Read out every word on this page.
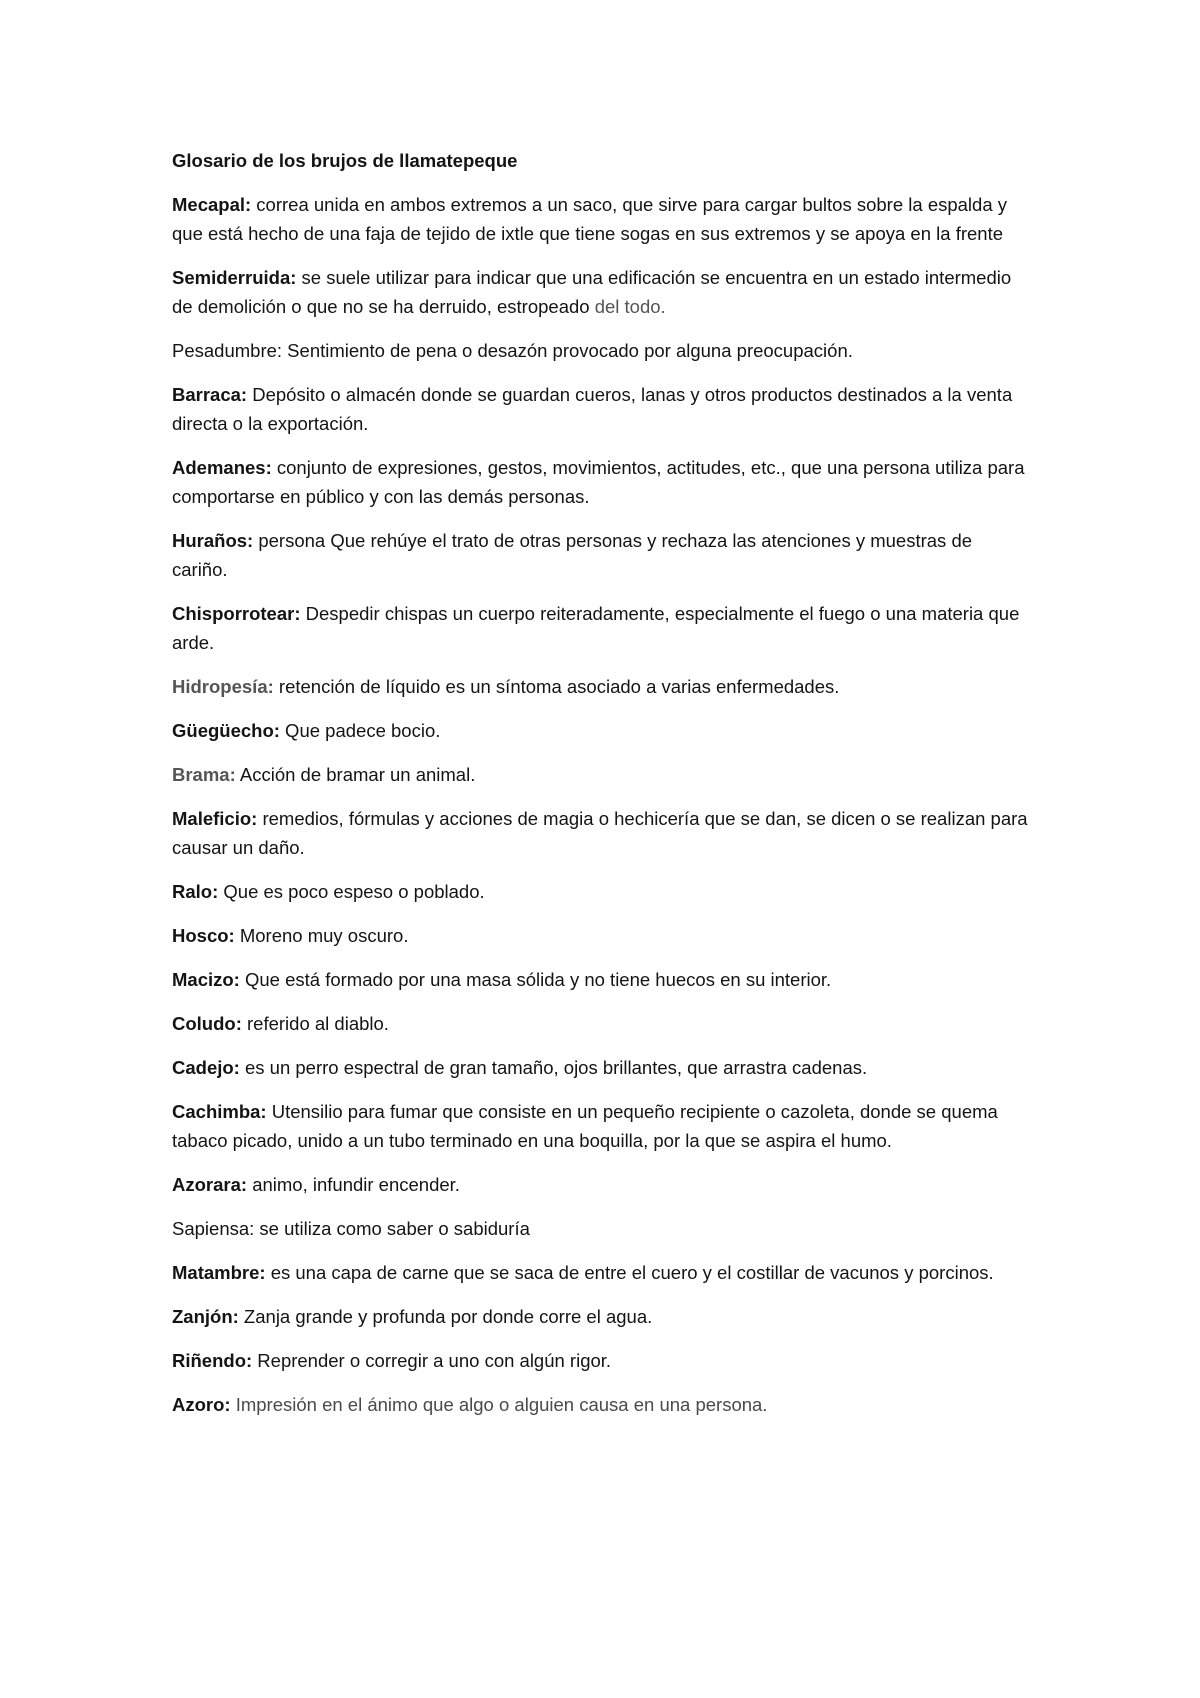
Glosario de los brujos de llamatepeque

Mecapal: correa unida en ambos extremos a un saco, que sirve para cargar bultos sobre la espalda y que está hecho de una faja de tejido de ixtle que tiene sogas en sus extremos y se apoya en la frente

Semiderruida: se suele utilizar para indicar que una edificación se encuentra en un estado intermedio de demolición o que no se ha derruido, estropeado del todo.

Pesadumbre: Sentimiento de pena o desazón provocado por alguna preocupación.

Barraca: Depósito o almacén donde se guardan cueros, lanas y otros productos destinados a la venta directa o la exportación.

Ademanes: conjunto de expresiones, gestos, movimientos, actitudes, etc., que una persona utiliza para comportarse en público y con las demás personas.

Huraños: persona Que rehúye el trato de otras personas y rechaza las atenciones y muestras de cariño.

Chisporrotear: Despedir chispas un cuerpo reiteradamente, especialmente el fuego o una materia que arde.

Hidropesía: retención de líquido es un síntoma asociado a varias enfermedades.

Güegüecho: Que padece bocio.

Brama: Acción de bramar un animal.

Maleficio: remedios, fórmulas y acciones de magia o hechicería que se dan, se dicen o se realizan para causar un daño.

Ralo: Que es poco espeso o poblado.

Hosco: Moreno muy oscuro.

Macizo: Que está formado por una masa sólida y no tiene huecos en su interior.

Coludo: referido al diablo.

Cadejo: es un perro espectral de gran tamaño, ojos brillantes, que arrastra cadenas.

Cachimba: Utensilio para fumar que consiste en un pequeño recipiente o cazoleta, donde se quema tabaco picado, unido a un tubo terminado en una boquilla, por la que se aspira el humo.

Azorara: animo, infundir encender.

Sapiensa: se utiliza como saber o sabiduría

Matambre: es una capa de carne que se saca de entre el cuero y el costillar de vacunos y porcinos.

Zanjón: Zanja grande y profunda por donde corre el agua.

Riñendo: Reprender o corregir a uno con algún rigor.

Azoro: Impresión en el ánimo que algo o alguien causa en una persona.
